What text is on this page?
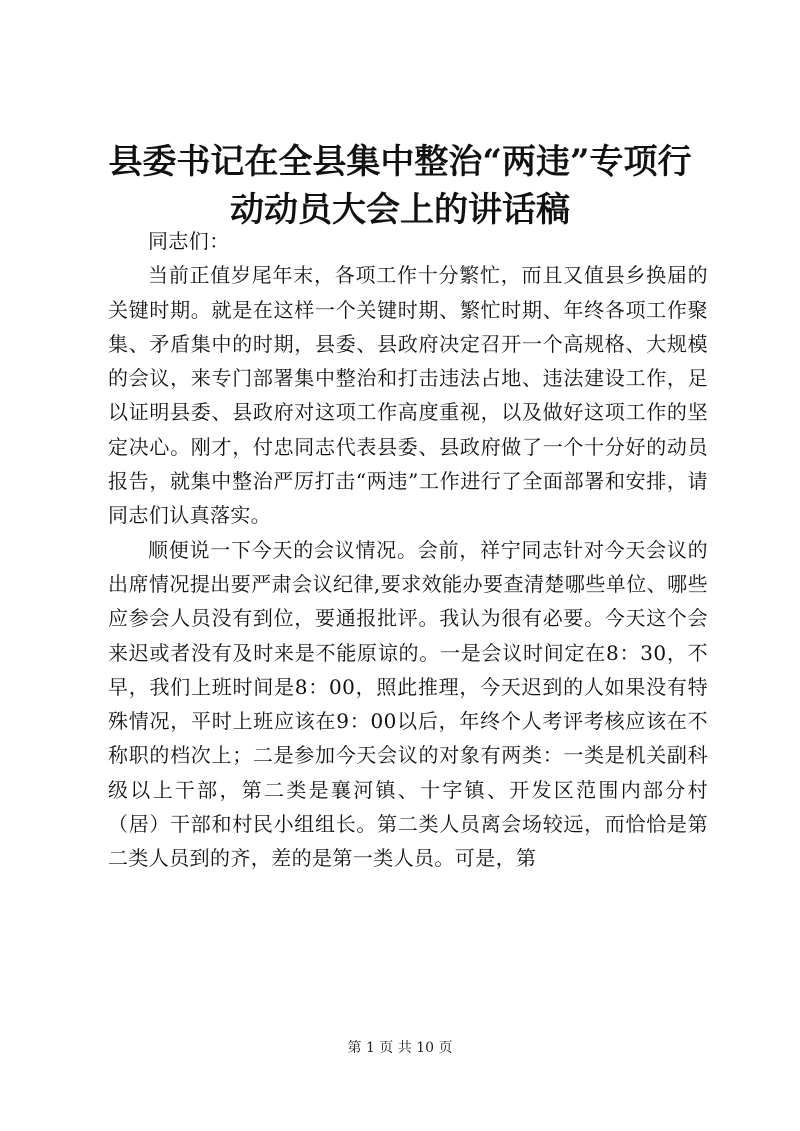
县委书记在全县集中整治“两违”专项行动动员大会上的讲话稿

同志们：

当前正值岁尾年末，各项工作十分繁忙，而且又值县乡换届的关键时期。就是在这样一个关键时期、繁忙时期、年终各项工作聚集、矛盾集中的时期，县委、县政府决定召开一个高规格、大规模的会议，来专门部署集中整治和打击违法占地、违法建设工作，足以证明县委、县政府对这项工作高度重视，以及做好这项工作的坚定决心。刚才，付忠同志代表县委、县政府做了一个十分好的动员报告，就集中整治严厉打击“两违”工作进行了全面部署和安排，请同志们认真落实。

顺便说一下今天的会议情况。会前，祥宁同志针对今天会议的出席情况提出要严肃会议纪律,要求效能办要查清楚哪些单位、哪些应参会人员没有到位，要通报批评。我认为很有必要。今天这个会来迟或者没有及时来是不能原谅的。一是会议时间定在8：30，不早，我们上班时间是8：00，照此推理，今天迟到的人如果没有特殊情况，平时上班应该在9：00以后，年终个人考评考核应该在不称职的档次上；二是参加今天会议的对象有两类：一类是机关副科级以上干部，第二类是襄河镇、十字镇、开发区范围内部分村（居）干部和村民小组组长。第二类人员离会场较远，而恰恰是第二类人员到的齐，差的是第一类人员。可是，第

第 1 页 共 10 页
